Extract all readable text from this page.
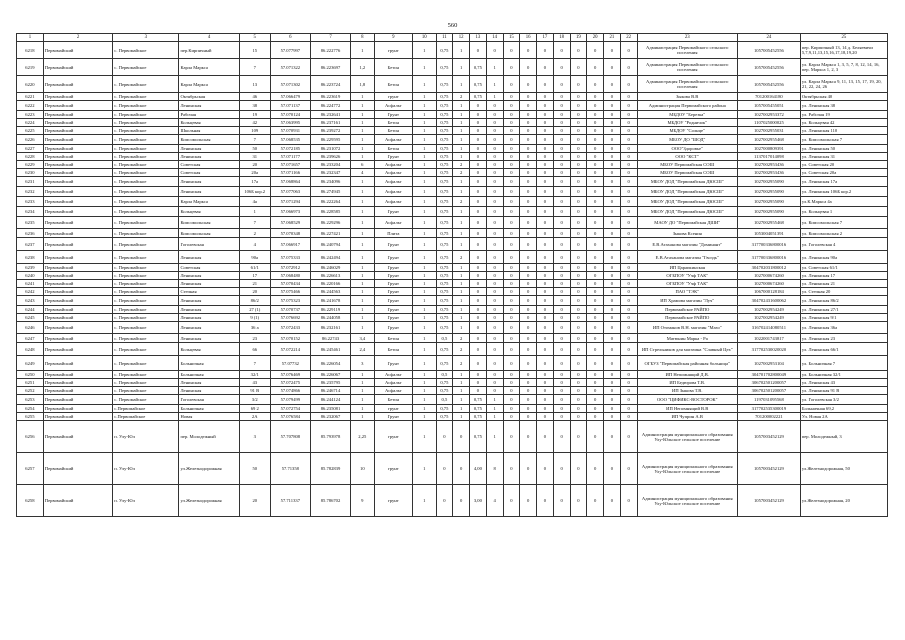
560
1	2	3	4	5	6	7	8	9	10	11	12	13	14	15	16	17	18	19	20	21	22	23	24	25
6218	Первомайский	с. Первомайское	пер.Кирпичный	15	57.077997	86.222776	1	грунт	1	0,75	1	0	0	0	0	0	0	0	0	0	0	Администрация Первомайского сельского поселения	1057005452556	пер. Кирпичный 13, 14 д. Беляевичи 5,7,9,11,13,15,16,17,18,19,20
6219	Первомайский	с. Первомайское	Карла Маркса	7	57.071322	86.223697	1,2	Бетон	1	0,75	1	0,75	1	0	0	0	0	0	0	0	0	Администрация Первомайского сельского поселения	1057005452556	ул. Карла Маркса 1, 3, 5, 7, 8, 12, 14, 16, пер. Маркса 1, 2, 3
6220	Первомайский	с. Первомайское	Карла Маркса	13	57.071302	86.223724	1,8	Бетон	1	0,75	1	0,75	1	0	0	0	0	0	0	0	0	Администрация Первомайского сельского поселения	1057005452556	ул. Карла Маркса 9, 11, 13, 15, 17, 19, 20, 21, 22, 24, 26
6221	Первомайский	с. Первомайское	Октябрьская	46	57.066479	86.223619	1	грунт	1	0,75	2	0,75	1	0	0	0	0	0	0	0	0	Зыкова В.В	701200164180	Октябрьская 40
6222	Первомайский	с. Первомайское	Ленинская	38	57.071137	86.224772	1	Асфальт	1	0,75	1	0	0	0	0	0	0	0	0	0	0	Администрация Первомайского района	1057005455051	ул. Ленинская 38
6223	Первомайский	с. Первомайское	Рабочая	19	57.070124	86.232641	1	Грунт	1	0,75	1	0	0	0	0	0	0	0	0	0	0	МБДОУ "Березка"	1027002953372	ул. Рабочая 19
6224	Первомайский	с. Первомайское	Кольцевая	42	57.063995	86.237161	1	Бетон	1	0,75	1	0	0	0	0	0	0	0	0	0	0	МБДОУ "Родничок"	1107025000025	ул. Кольцевая 42
6225	Первомайский	с. Первомайское	Школьная	109	57.070931	86.239272	1	Бетон	1	0,75	1	0	0	0	0	0	0	0	0	0	0	МБДОУ "Солнце"	1027002955031	ул. Ленинская 110
6226	Первомайский	с. Первомайское	Комсомольская	7	57.068535	86.229595	1	Асфальт	1	0,75	1	0	0	0	0	0	0	0	0	0	0	МБОУ ДО "ШОД"	1027002955468	ул. Комсомольская 7
6227	Первомайский	с. Первомайское	Ленинская	50	57.072185	86.231072	1	Бетон	1	0,75	1	0	0	0	0	0	0	0	0	0	0	ООО"Здоровье"	1027000809391	ул. Ленинская 50
6228	Первомайский	с. Первомайское	Ленинская	31	57.071177	86.239626	1	Грунт	1	0,75	1	0	0	0	0	0	0	0	0	0	0	ООО "КСТ"	1137017014098	ул. Ленинская 31
6229	Первомайский	с. Первомайское	Советская	20	57.071657	86.233204	6	Асфальт	1	0,75	2	0	0	0	0	0	0	0	0	0	0	МБОУ Первомайская СОШ	1027002953436	ул. Советская 20
6230	Первомайский	с. Первомайское	Советская	20a	57.071166	86.232347	4	Асфальт	1	0,75	2	0	0	0	0	0	0	0	0	0	0	МБОУ Первомайская СОШ	1027002953436	ул. Советская 20a
6231	Первомайский	с. Первомайское	Ленинская	17a	57.068864	86.234096	1	Асфальт	1	0,75	1	0	0	0	0	0	0	0	0	0	0	МБОУ ДОД "Первомайская ДЮСШ"	1027002955090	ул. Ленинская 17a
6232	Первомайский	с. Первомайское	Ленинская	106Б кор.2	57.077063	86.274945	1	Асфальт	1	0,75	1	0	0	0	0	0	0	0	0	0	0	МБОУ ДОД "Первомайская ДЮСШ"	1027002955090	ул. Ленинская 106Б кор.2
6233	Первомайский	с. Первомайское	Карла Маркса	4a	57.071294	86.222264	1	Асфальт	1	0,75	2	0	0	0	0	0	0	0	0	0	0	МБОУ ДОД "Первомайская ДЮСШ"	1027002955090	ул.К.Маркса 4a
6234	Первомайский	с. Первомайское	Кольцевая	1	57.066973	86.228585	1	Грунт	1	0,75	1	0	0	0	0	0	0	0	0	0	0	МБОУ ДОД "Первомайская ДЮСШ"	1027002955090	ул. Кольцевая 1
6235	Первомайский	с. Первомайское	Комсомольская	7	57.068529	86.229296	1	Асфальт	1	0,75	1	0	0	0	0	0	0	0	0	0	0	МАОУ ДО "Первомайская ДШИ"	1027002955468	ул. Комсомольская 7
6236	Первомайский	с. Первомайское	Комсомольская	2	57.070348	86.227421	1	Плита	1	0,75	1	0	0	0	0	0	0	0	0	0	0	Зыкова Ксения	1053004051391	ул. Комсомольская 2
6237	Первомайский	с. Первомайское	Гоголевская	4	57.066917	86.240794	1	Грунт	1	0,75	1	0	0	0	0	0	0	0	0	0	0	Е.В.Атаханова магазин "Доминант"	317700336800016	ул. Гоголевская 4
6238	Первомайский	с. Первомайское	Ленинская	90a	57.075333	86.242494	1	Грунт	1	0,75	2	0	0	0	0	0	0	0	0	0	0	Е.В.Атаханова магазин "Гвоздь"	317700336800016	ул. Ленинская 90a
6239	Первомайский	с. Первомайское	Советская	61/1	57.072912	86.246029	1	Грунт	1	0,75	1	0	0	0	0	0	0	0	0	0	0	ИП Царапкинская	304702031800012	ул. Советская 61/1
6240	Первомайский	с. Первомайское	Ленинская	17	57.068480	86.226613	1	Грунт	1	0,75	1	0	0	0	0	0	0	0	0	0	0	ОГБПОУ "Учф ТАК"	1027000674260	ул. Ленинская 17
6241	Первомайский	с. Первомайское	Ленинская	21	57.070434	86.220166	1	Грунт	1	0,75	1	0	0	0	0	0	0	0	0	0	0	ОГБПОУ "Учф ТАК"	1027000674260	ул. Ленинская 21
6242	Первомайский	с. Первомайское	Степная	20	57.075466	86.244563	1	Грунт	1	0,75	1	0	0	0	0	0	0	0	0	0	0	ПАО "ТЭК"	1067000128184	ул. Степная 20
6243	Первомайский	с. Первомайское	Ленинская	86/2	57.075323	86.241678	1	Грунт	1	0,75	1	0	0	0	0	0	0	0	0	0	0	ИП Храмова магазин "Луч"	304702431600062	ул. Ленинская 86/2
6244	Первомайский	с. Первомайское	Ленинская	27 (1)	57.070737	86.229119	1	Грунт	1	0,75	1	0	0	0	0	0	0	0	0	0	0	Первомайское РАЙПО	1027002954249	ул. Ленинская 27/1
6245	Первомайский	с. Первомайское	Ленинская	9 (1)	57.076692	86.244058	1	Грунт	1	0,75	1	0	0	0	0	0	0	0	0	0	0	Первомайское РАЙПО	1027002954249	ул. Ленинская 9/1
6246	Первомайский	с. Первомайское	Ленинская	36 a	57.072433	86.232161	1	Грунт	1	0,75	1	0	0	0	0	0	0	0	0	0	0	ИП Отоманов В.Н. магазин "Мазо"	316702414080511	ул. Ленинская 36a
6247	Первомайский	с. Первомайское	Ленинская	23	57.070152	86.22743	3,4	Бетон	1	0,5	2	0	0	0	0	0	0	0	0	0	0	Матюнин Марка - Ра	1022001743817	ул. Ленинская 23
6248	Первомайский	с. Первомайское	Кольцевая	66	57.072214	86.245461	2,4	Бетон	1	0,75	2	0	0	0	0	0	0	0	0	0	0	ИП Стрельников для магазина "Славный Цех"	317702530020020	ул. Ленинская 66/1
6249	Первомайский	с. Первомайское	Больничная	7	57.07732	86.226054	3	Грунт	1	0,75	2	0	0	0	0	0	0	0	0	0	0	ОГБУЗ "Первомайская районная больница"	1027002953104	ул. Больничная 7
6250	Первомайский	с. Первомайское	Больничная	32/1	57.076469	86.226067	1	Асфальт	1	0,5	1	0	0	0	0	0	0	0	0	0	0	ИП Непомнящий Д.В.	304701702800049	ул. Больничная 32/1
6251	Первомайский	с. Первомайское	Ленинская	43	57.072475	86.235795	1	Асфальт	1	0,75	1	0	0	0	0	0	0	0	0	0	0	ИП Бедюрова Т.В.	306702501200057	ул. Ленинская 43
6252	Первомайский	с. Первомайское	Ленинская	91 В	57.074866	86.246714	1	Асфальт	1	0,75	1	0	0	0	0	0	0	0	0	0	0	ИП Зыкова Т.В.	306702501200057	ул. Ленинская 91 В
6253	Первомайский	с. Первомайское	Гоголевская	3/2	57.079499	86.244124	1	Бетон	1	0,5	1	0,75	1	0	0	0	0	0	0	0	0	ООО "ЦИФИКС-ВОСТОРОК"	1197031095568	ул. Гоголевская 3/2
6254	Первомайский	с.Первомайское	Больничная	69 2	57.072754	86.235081	1	грунт	1	0,75	1	0,75	1	0	0	0	0	0	0	0	0	ИП Непомнящий В.В	317702535300019	Больничная 69,2
6255	Первомайский	с.Первомайское	Новая	2A	57.076584	86.232067	1	Грунт	1	0,75	1	0,75	1	0	0	0	0	0	0	0	0	ИП Чуприн А.В	701200002221	Ул. Новая 2A
6256	Первомайский	п. Улу-Юл	пер. Молодежный	3	57.707808	85.793978	2,25	грунт	1	0	0	0,75	1	0	0	0	0	0	0	0	0	Администрация муниципального образования Улу-Юльское сельское поселение	1057003452129	пер. Молодежный, 3
6257	Первомайский	п. Улу-Юл	ул.Железнодорожная	50	57.71358	85.782839	10	грунт	1	0	0	4,00	8	0	0	0	0	0	0	0	0	Администрация муниципального образования Улу-Юльское сельское поселение	1057003452129	ул.Железнодорожная, 50
6258	Первомайский	п. Улу-Юл	ул.Железнодорожная	20	57.711337	85.786702	9	грунт	1	0	0	3,00	4	0	0	0	0	0	0	0	0	Администрация муниципального образования Улу-Юльское сельское поселение	1057003452129	ул.Железнодорожная, 20
